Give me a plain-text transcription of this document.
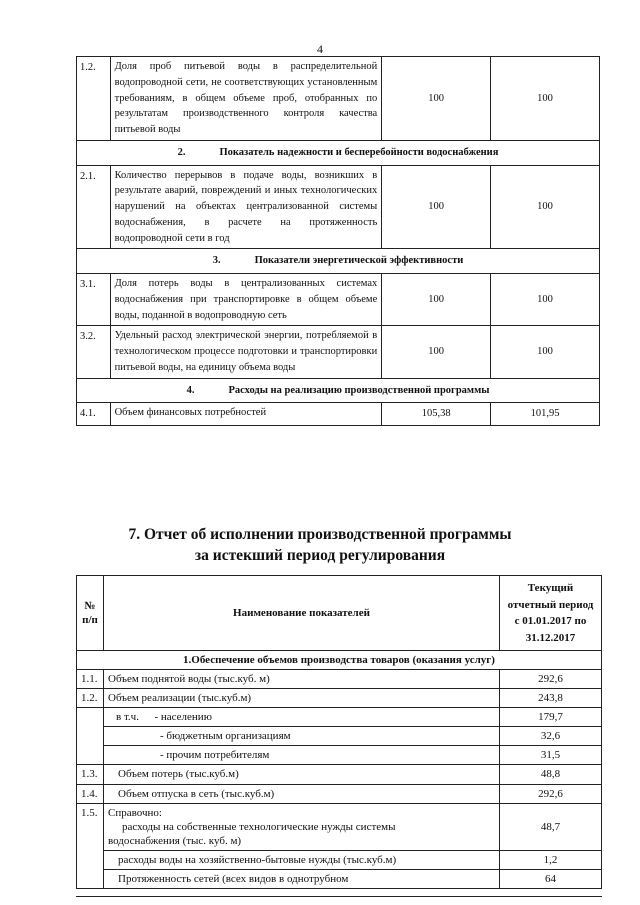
4
1.2.	Доля проб питьевой воды в распределительной водопроводной сети, не соответствующих установленным требованиям, в общем объеме проб, отобранных по результатам производственного контроля качества питьевой воды	100	100
2. Показатель надежности и бесперебойности водоснабжения			
2.1.	Количество перерывов в подаче воды, возникших в результате аварий, повреждений и иных технологических нарушений на объектах централизованной системы водоснабжения, в расчете на протяженность водопроводной сети в год	100	100
3. Показатели энергетической эффективности			
3.1.	Доля потерь воды в централизованных системах водоснабжения при транспортировке в общем объеме воды, поданной в водопроводную сеть	100	100
3.2.	Удельный расход электрической энергии, потребляемой в технологическом процессе подготовки и транспортировки питьевой воды, на единицу объема воды	100	100
4. Расходы на реализацию производственной программы			
4.1.	Объем финансовых потребностей	105,38	101,95
7. Отчет об исполнении производственной программы
за истекший период регулирования
№ п/п	Наименование показателей	Текущий
отчетный период
с 01.01.2017 по
31.12.2017

1.Обеспечение объемов производства товаров (оказания услуг)		
1.1.	Объем поднятой воды (тыс.куб. м)	292,6
1.2.	Объем реализации (тыс.куб.м)	243,8
	в т.ч. - населению	179,7
	- бюджетным организациям	32,6
	- прочим потребителям	31,5
1.3.	Объем потерь (тыс.куб.м)	48,8
1.4.	Объем отпуска в сеть (тыс.куб.м)	292,6
1.5.	Справочно:
расходы на собственные технологические нужды системы
водоснабжения (тыс. куб. м)	48,7
	расходы воды на хозяйственно-бытовые нужды (тыс.куб.м)	1,2
	Протяженность сетей (всех видов в однотрубном	64
